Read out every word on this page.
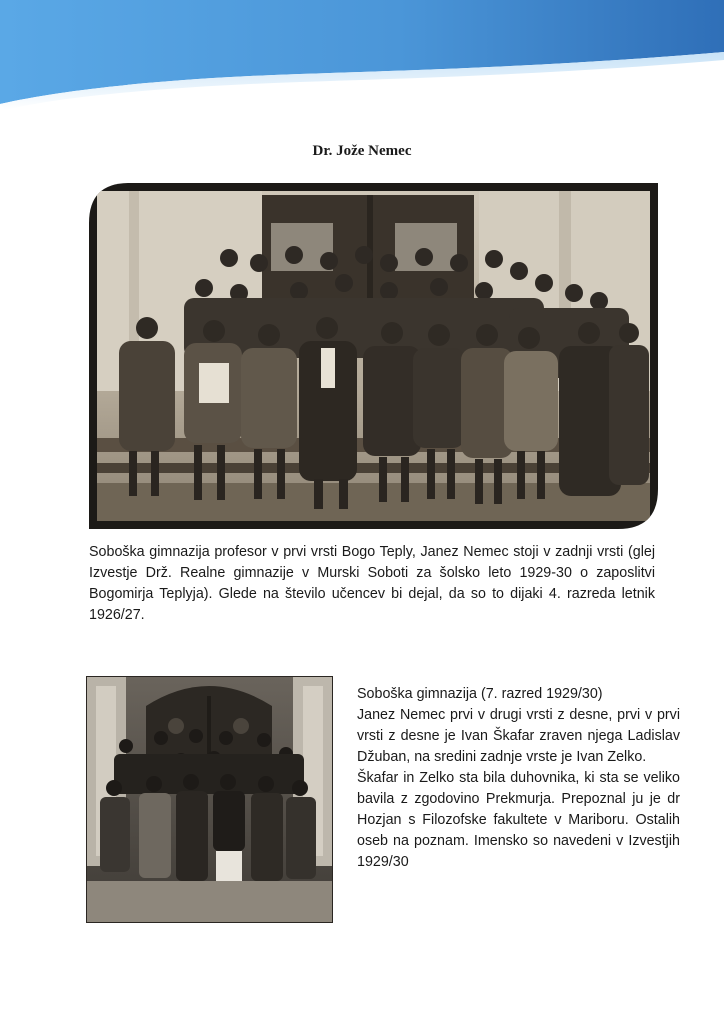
Dr. Jože Nemec
Soboška gimnazija profesor v prvi vrsti Bogo Teply, Janez Nemec stoji v zadnji vrsti (glej Izvestje Drž. Realne gimnazije v Murski Soboti za šolsko leto 1929-30 o zaposlitvi Bogomirja Teplyja). Glede na število učencev bi dejal, da so to dijaki 4. razreda letnik 1926/27.

Soboška gimnazija (7. razred 1929/30)

Janez Nemec prvi v drugi vrsti z desne, prvi v prvi vrsti z desne je Ivan Škafar zraven njega Ladislav Džuban, na sredini zadnje vrste je Ivan Zelko.

Škafar in Zelko sta bila duhovnika, ki sta se veliko bavila z zgodovino Prekmurja. Prepoznal ju je dr Hozjan s Filozofske fakultete v Mariboru. Ostalih oseb na poznam. Imensko so navedeni v Izvestjih 1929/30
